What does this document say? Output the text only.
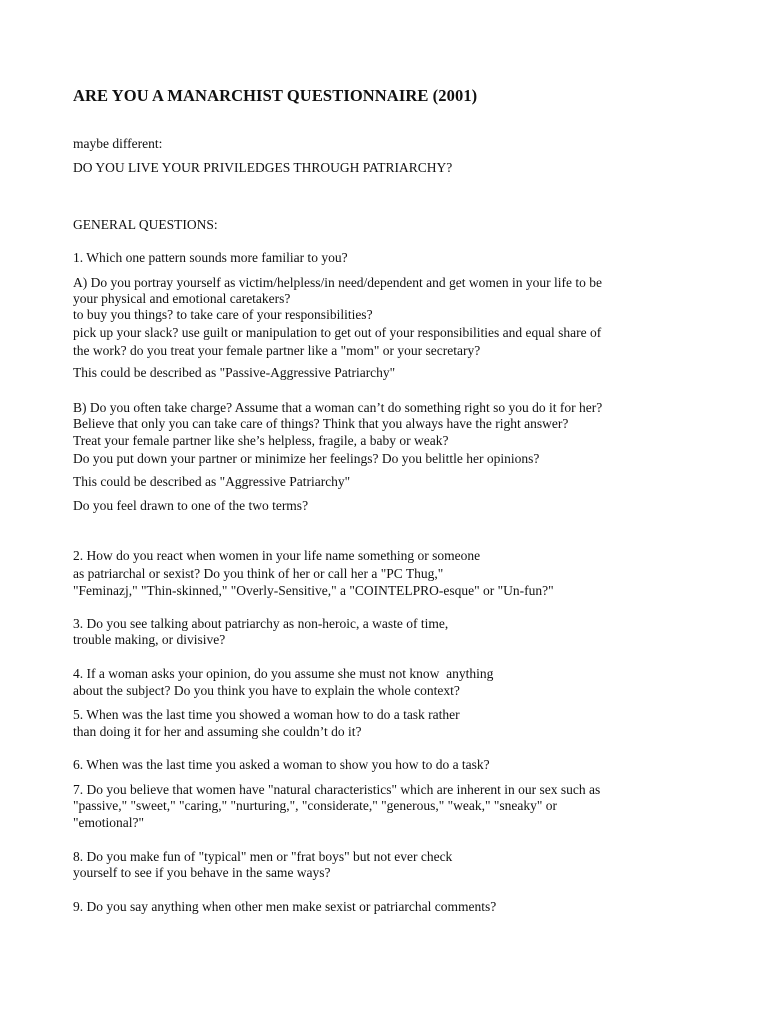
ARE YOU A MANARCHIST QUESTIONNAIRE (2001)
maybe different:
DO YOU LIVE YOUR PRIVILEDGES THROUGH PATRIARCHY?
GENERAL QUESTIONS:
1. Which one pattern sounds more familiar to you?
A) Do you portray yourself as victim/helpless/in need/dependent and get women in your life to be
your physical and emotional caretakers?
to buy you things? to take care of your responsibilities?
pick up your slack? use guilt or manipulation to get out of your responsibilities and equal share of
the work? do you treat your female partner like a "mom" or your secretary?
This could be described as "Passive-Aggressive Patriarchy"
B) Do you often take charge? Assume that a woman can’t do something right so you do it for her?
Believe that only you can take care of things? Think that you always have the right answer?
Treat your female partner like she’s helpless, fragile, a baby or weak?
Do you put down your partner or minimize her feelings? Do you belittle her opinions?
This could be described as "Aggressive Patriarchy"
Do you feel drawn to one of the two terms?
2. How do you react when women in your life name something or someone
as patriarchal or sexist? Do you think of her or call her a "PC Thug,"
"Feminazj," "Thin-skinned," "Overly-Sensitive," a "COINTELPRO-esque" or "Un-fun?"
3. Do you see talking about patriarchy as non-heroic, a waste of time,
trouble making, or divisive?
4. If a woman asks your opinion, do you assume she must not know  anything
about the subject? Do you think you have to explain the whole context?
5. When was the last time you showed a woman how to do a task rather
than doing it for her and assuming she couldn’t do it?
6. When was the last time you asked a woman to show you how to do a task?
7. Do you believe that women have "natural characteristics" which are inherent in our sex such as
"passive," "sweet," "caring," "nurturing,", "considerate," "generous," "weak," "sneaky" or
"emotional?"
8. Do you make fun of "typical" men or "frat boys" but not ever check
yourself to see if you behave in the same ways?
9. Do you say anything when other men make sexist or patriarchal comments?
